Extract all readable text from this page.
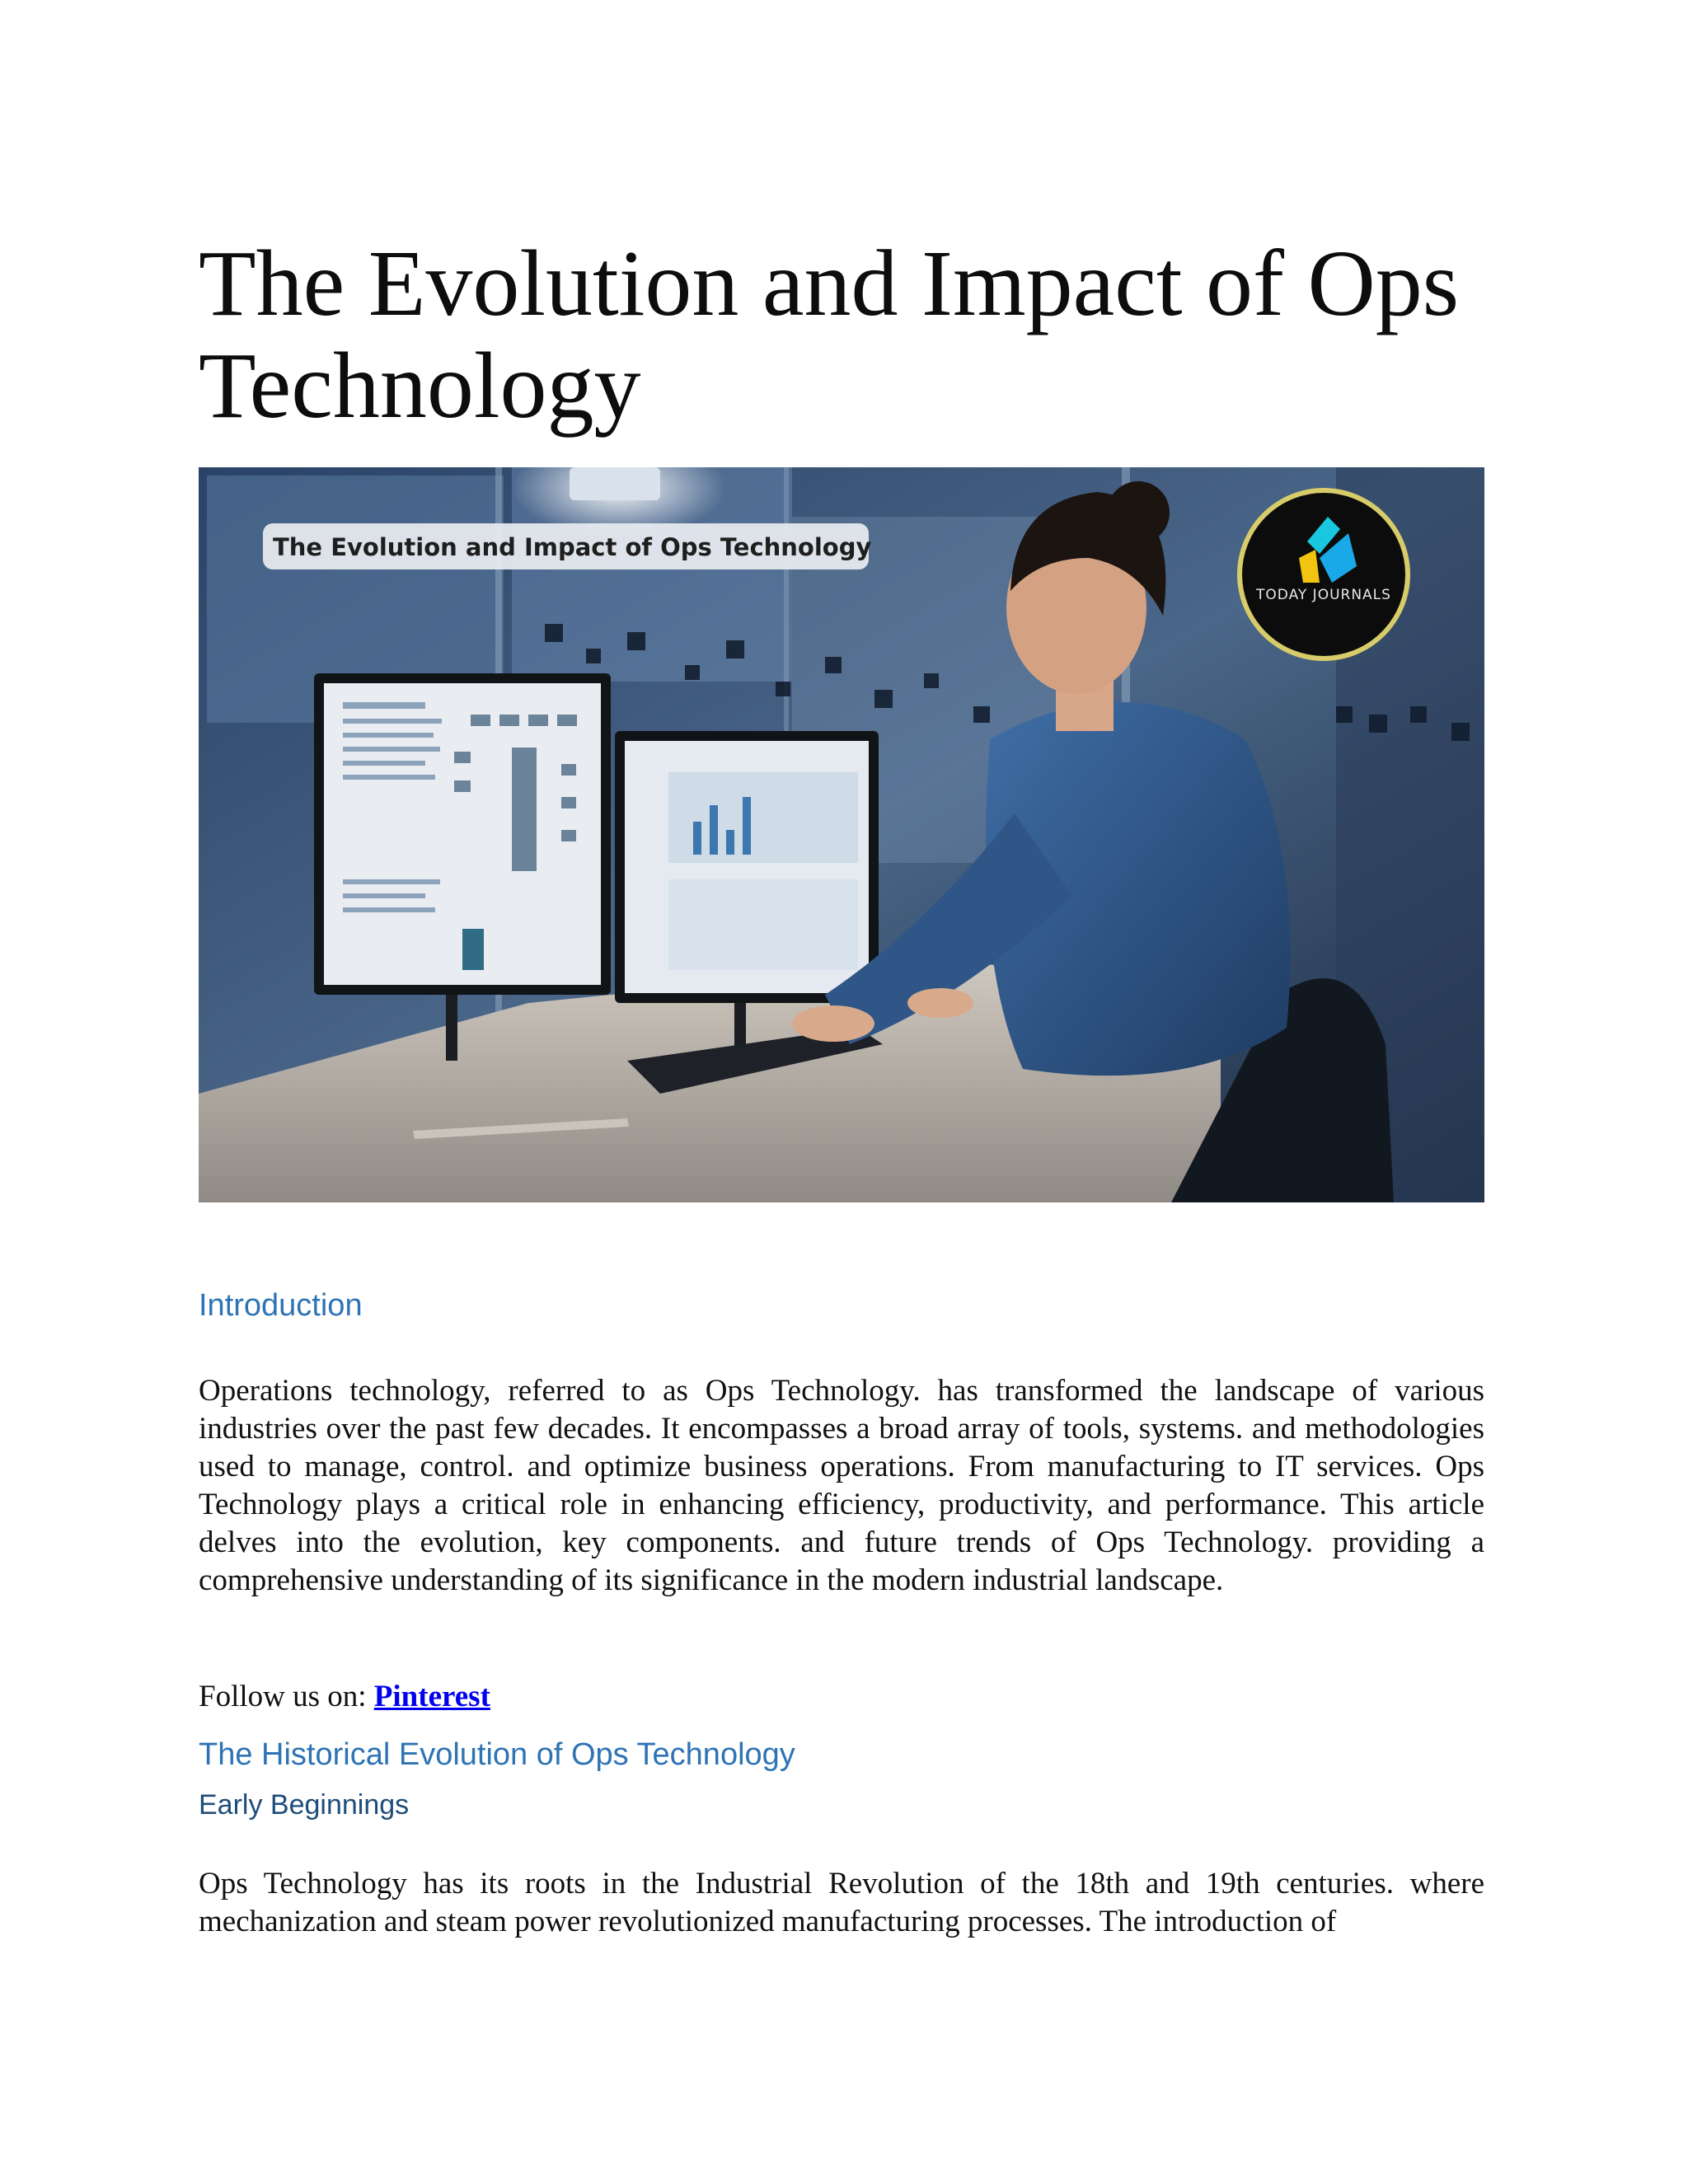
The Evolution and Impact of Ops Technology
The Evolution and Impact of Ops Technology
TODAY JOURNALS
Introduction

Operations technology, referred to as Ops Technology. has transformed the landscape of various industries over the past few decades. It encompasses a broad array of tools, systems. and methodologies used to manage, control. and optimize business operations. From manufacturing to IT services. Ops Technology plays a critical role in enhancing efficiency, productivity, and performance. This article delves into the evolution, key components. and future trends of Ops Technology. providing a comprehensive understanding of its significance in the modern industrial landscape.

Follow us on: Pinterest

The Historical Evolution of Ops Technology
Early Beginnings

Ops Technology has its roots in the Industrial Revolution of the 18th and 19th centuries. where mechanization and steam power revolutionized manufacturing processes. The introduction of
